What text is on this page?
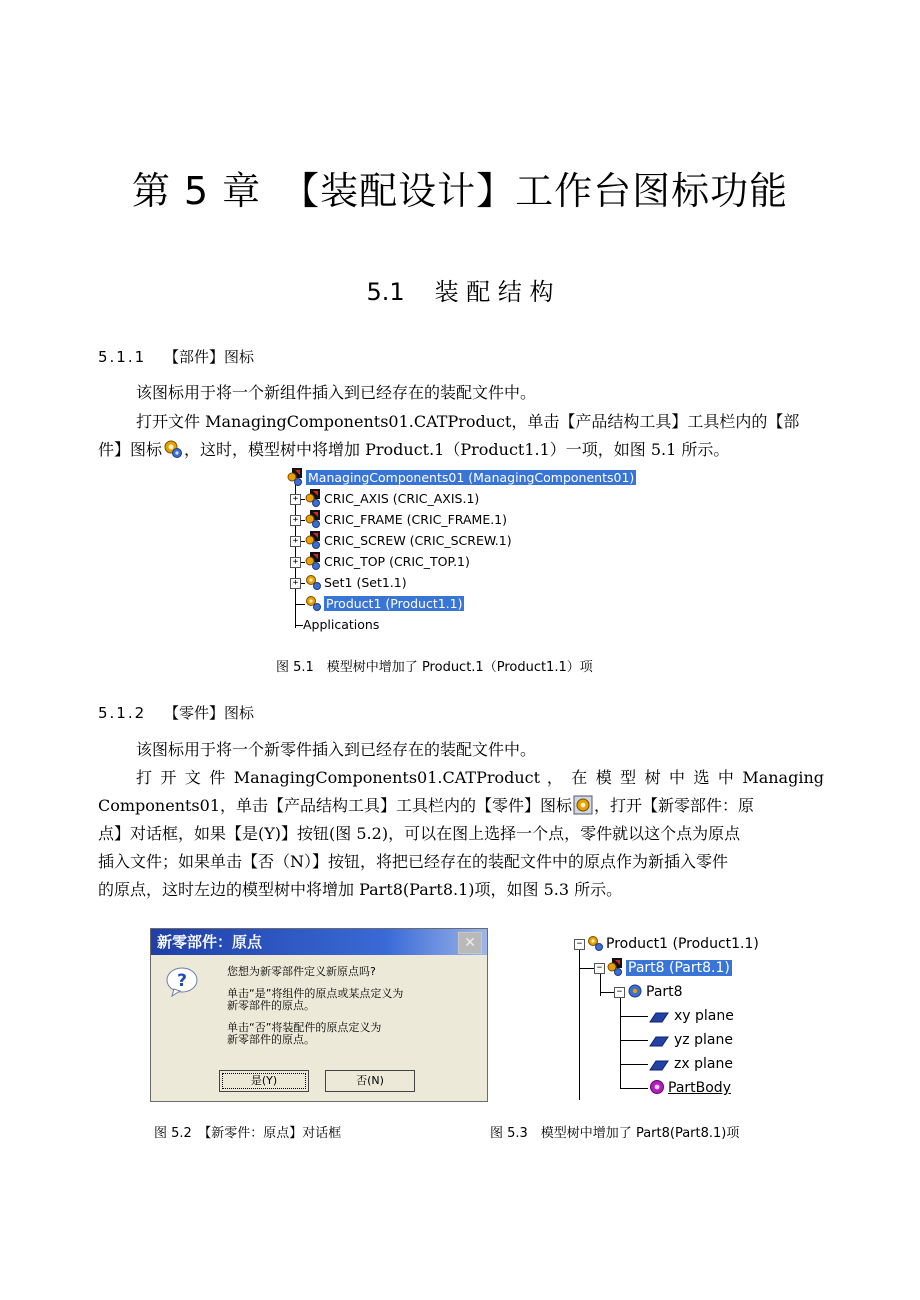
第 5 章　【装配设计】工作台图标功能
5.1 装 配 结 构
5.1.1 【部件】图标
该图标用于将一个新组件插入到已经存在的装配文件中。
打开文件 ManagingComponents01.CATProduct，单击【产品结构工具】工具栏内的【部
件】图标 ，这时，模型树中将增加 Product.1（Product1.1）一项，如图 5.1 所示。
ManagingComponents01 (ManagingComponents01)
+	CRIC_AXIS (CRIC_AXIS.1)
+	CRIC_FRAME (CRIC_FRAME.1)
+	CRIC_SCREW (CRIC_SCREW.1)
+	CRIC_TOP (CRIC_TOP.1)
+	Set1 (Set1.1)
Product1 (Product1.1)
Applications
图 5.1　模型树中增加了 Product.1（Product1.1）项
5.1.2 【零件】图标
该图标用于将一个新零件插入到已经存在的装配文件中。
打 开 文 件 ManagingComponents01.CATProduct ， 在 模 型 树 中 选 中 Managing
Components01，单击【产品结构工具】工具栏内的【零件】图标 ，打开【新零部件：原
点】对话框，如果【是(Y)】按钮(图 5.2)，可以在图上选择一个点，零件就以这个点为原点
插入文件；如果单击【否（N）】按钮，将把已经存在的装配文件中的原点作为新插入零件
的原点，这时左边的模型树中将增加 Part8(Part8.1)项，如图 5.3 所示。
新零部件：原点	✕
?	您想为新零部件定义新原点吗?
单击“是”将组件的原点或某点定义为
新零部件的原点。
单击“否”将装配件的原点定义为
新零部件的原点。
是(Y)	否(N)
图 5.2　【新零件：原点】对话框
−	Product1 (Product1.1)
−	Part8 (Part8.1)
−	Part8
xy plane
yz plane
zx plane
PartBody
图 5.3　模型树中增加了 Part8(Part8.1)项
